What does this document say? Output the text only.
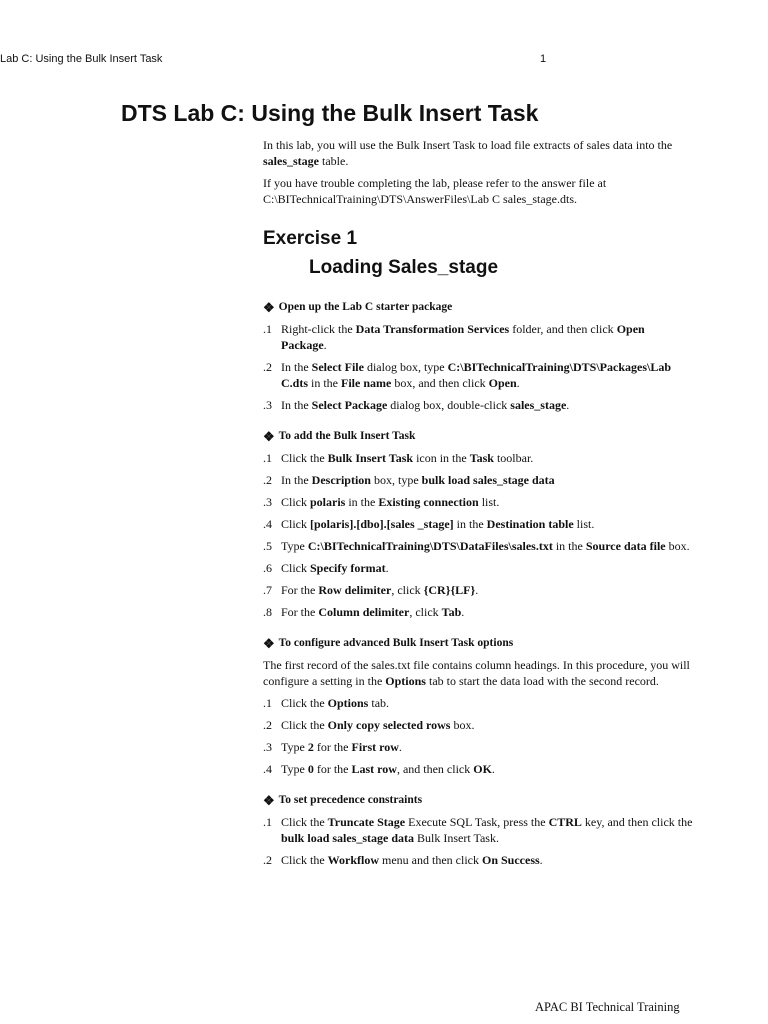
Lab C: Using the Bulk Insert Task	1
DTS Lab C: Using the Bulk Insert Task

In this lab, you will use the Bulk Insert Task to load file extracts of sales data into the sales_stage table.

If you have trouble completing the lab, please refer to the answer file at C:\BITechnicalTraining\DTS\AnswerFiles\Lab C sales_stage.dts.

Exercise 1
Loading Sales_stage
❖ Open up the Lab C starter package
.1 Right-click the Data Transformation Services folder, and then click Open Package.
.2 In the Select File dialog box, type C:\BITechnicalTraining\DTS\Packages\Lab C.dts in the File name box, and then click Open.
.3 In the Select Package dialog box, double-click sales_stage.
❖ To add the Bulk Insert Task
.1 Click the Bulk Insert Task icon in the Task toolbar.
.2 In the Description box, type bulk load sales_stage data
.3 Click polaris in the Existing connection list.
.4 Click [polaris].[dbo].[sales _stage] in the Destination table list.
.5 Type C:\BITechnicalTraining\DTS\DataFiles\sales.txt in the Source data file box.
.6 Click Specify format.
.7 For the Row delimiter, click {CR}{LF}.
.8 For the Column delimiter, click Tab.
❖ To configure advanced Bulk Insert Task options

The first record of the sales.txt file contains column headings. In this procedure, you will configure a setting in the Options tab to start the data load with the second record.

.1 Click the Options tab.
.2 Click the Only copy selected rows box.
.3 Type 2 for the First row.
.4 Type 0 for the Last row, and then click OK.
❖ To set precedence constraints
.1 Click the Truncate Stage Execute SQL Task, press the CTRL key, and then click the bulk load sales_stage data Bulk Insert Task.
.2 Click the Workflow menu and then click On Success.
APAC BI Technical Training
